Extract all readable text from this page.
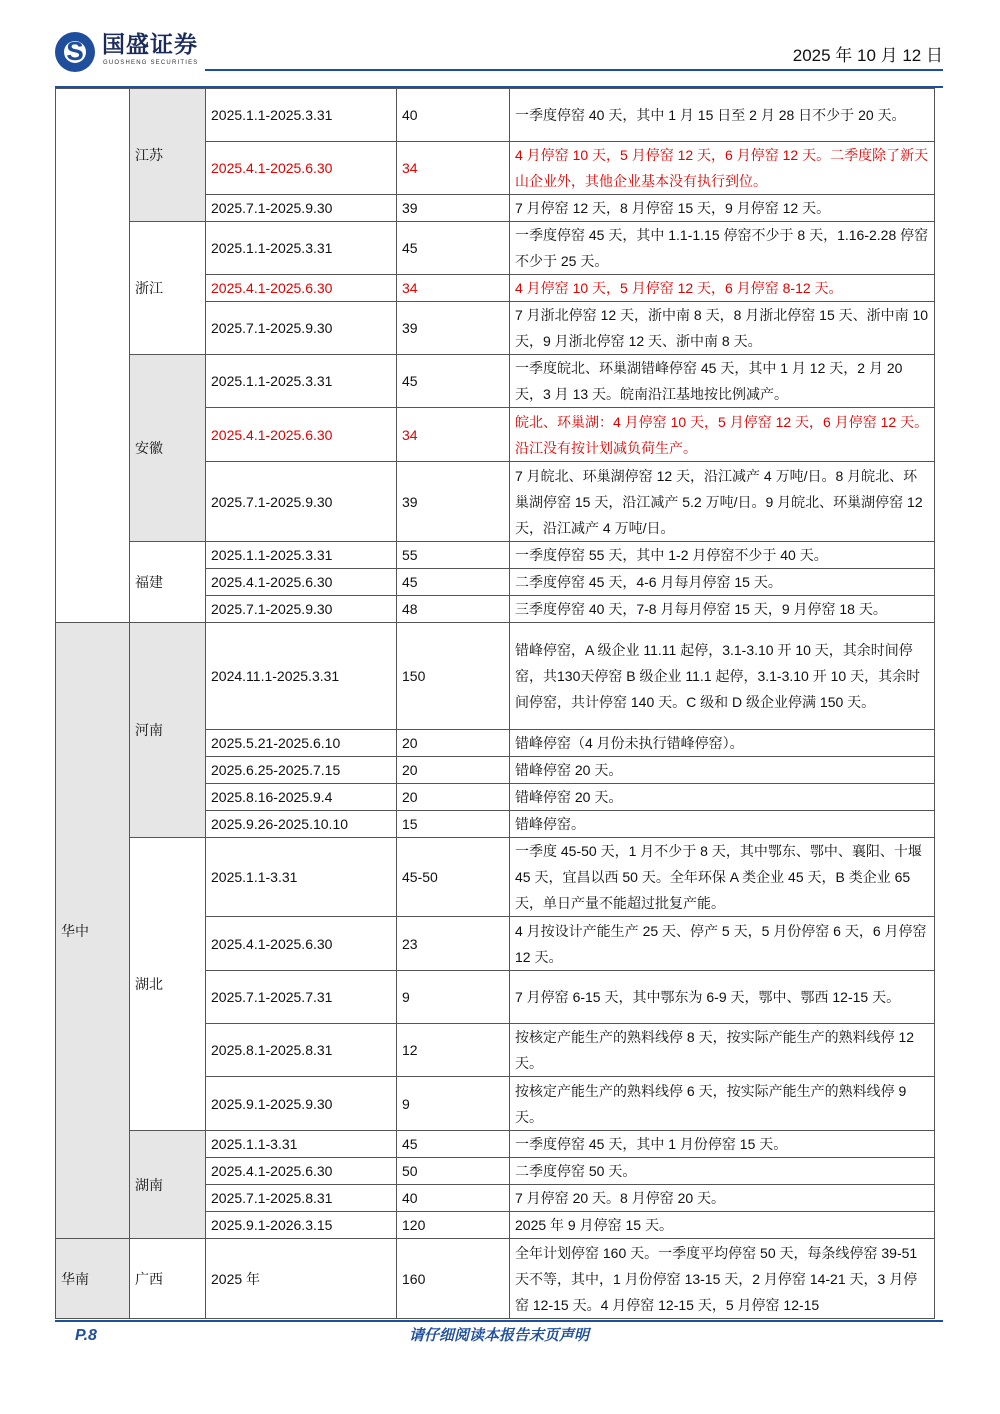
S
国盛证券
GUOSHENG SECURITIES	2025 年 10 月 12 日
	江苏	2025.1.1-2025.3.31	40	一季度停窑 40 天，其中 1 月 15 日至 2 月 28 日不少于 20 天。
		2025.4.1-2025.6.30	34	4 月停窑 10 天，5 月停窑 12 天，6 月停窑 12 天。二季度除了新天山企业外，其他企业基本没有执行到位。
		2025.7.1-2025.9.30	39	7 月停窑 12 天，8 月停窑 15 天，9 月停窑 12 天。
	浙江	2025.1.1-2025.3.31	45	一季度停窑 45 天，其中 1.1-1.15 停窑不少于 8 天，1.16-2.28 停窑不少于 25 天。
		2025.4.1-2025.6.30	34	4 月停窑 10 天，5 月停窑 12 天，6 月停窑 8-12 天。
		2025.7.1-2025.9.30	39	7 月浙北停窑 12 天，浙中南 8 天，8 月浙北停窑 15 天、浙中南 10 天，9 月浙北停窑 12 天、浙中南 8 天。
	安徽	2025.1.1-2025.3.31	45	一季度皖北、环巢湖错峰停窑 45 天，其中 1 月 12 天，2 月 20 天，3 月 13 天。皖南沿江基地按比例减产。
		2025.4.1-2025.6.30	34	皖北、环巢湖：4 月停窑 10 天，5 月停窑 12 天，6 月停窑 12 天。沿江没有按计划减负荷生产。
		2025.7.1-2025.9.30	39	7 月皖北、环巢湖停窑 12 天，沿江减产 4 万吨/日。8 月皖北、环巢湖停窑 15 天，沿江减产 5.2 万吨/日。9 月皖北、环巢湖停窑 12 天，沿江减产 4 万吨/日。
	福建	2025.1.1-2025.3.31	55	一季度停窑 55 天，其中 1-2 月停窑不少于 40 天。
		2025.4.1-2025.6.30	45	二季度停窑 45 天，4-6 月每月停窑 15 天。
		2025.7.1-2025.9.30	48	三季度停窑 40 天，7-8 月每月停窑 15 天，9 月停窑 18 天。
华中	河南	2024.11.1-2025.3.31	150	错峰停窑，A 级企业 11.11 起停，3.1-3.10 开 10 天，其余时间停窑，共130天停窑 B 级企业 11.1 起停，3.1-3.10 开 10 天，其余时间停窑，共计停窑 140 天。C 级和 D 级企业停满 150 天。
		2025.5.21-2025.6.10	20	错峰停窑（4 月份未执行错峰停窑）。
		2025.6.25-2025.7.15	20	错峰停窑 20 天。
		2025.8.16-2025.9.4	20	错峰停窑 20 天。
		2025.9.26-2025.10.10	15	错峰停窑。
	湖北	2025.1.1-3.31	45-50	一季度 45-50 天，1 月不少于 8 天，其中鄂东、鄂中、襄阳、十堰 45 天，宜昌以西 50 天。全年环保 A 类企业 45 天，B 类企业 65 天，单日产量不能超过批复产能。
		2025.4.1-2025.6.30	23	4 月按设计产能生产 25 天、停产 5 天，5 月份停窑 6 天，6 月停窑 12 天。
		2025.7.1-2025.7.31	9	7 月停窑 6-15 天，其中鄂东为 6-9 天，鄂中、鄂西 12-15 天。
		2025.8.1-2025.8.31	12	按核定产能生产的熟料线停 8 天，按实际产能生产的熟料线停 12 天。
		2025.9.1-2025.9.30	9	按核定产能生产的熟料线停 6 天，按实际产能生产的熟料线停 9 天。
	湖南	2025.1.1-3.31	45	一季度停窑 45 天，其中 1 月份停窑 15 天。
		2025.4.1-2025.6.30	50	二季度停窑 50 天。
		2025.7.1-2025.8.31	40	7 月停窑 20 天。8 月停窑 20 天。
		2025.9.1-2026.3.15	120	2025 年 9 月停窑 15 天。
华南	广西	2025 年	160	全年计划停窑 160 天。一季度平均停窑 50 天，每条线停窑 39-51 天不等，其中，1 月份停窑 13-15 天，2 月停窑 14-21 天，3 月停窑 12-15 天。4 月停窑 12-15 天，5 月停窑 12-15
P.8	请仔细阅读本报告末页声明
